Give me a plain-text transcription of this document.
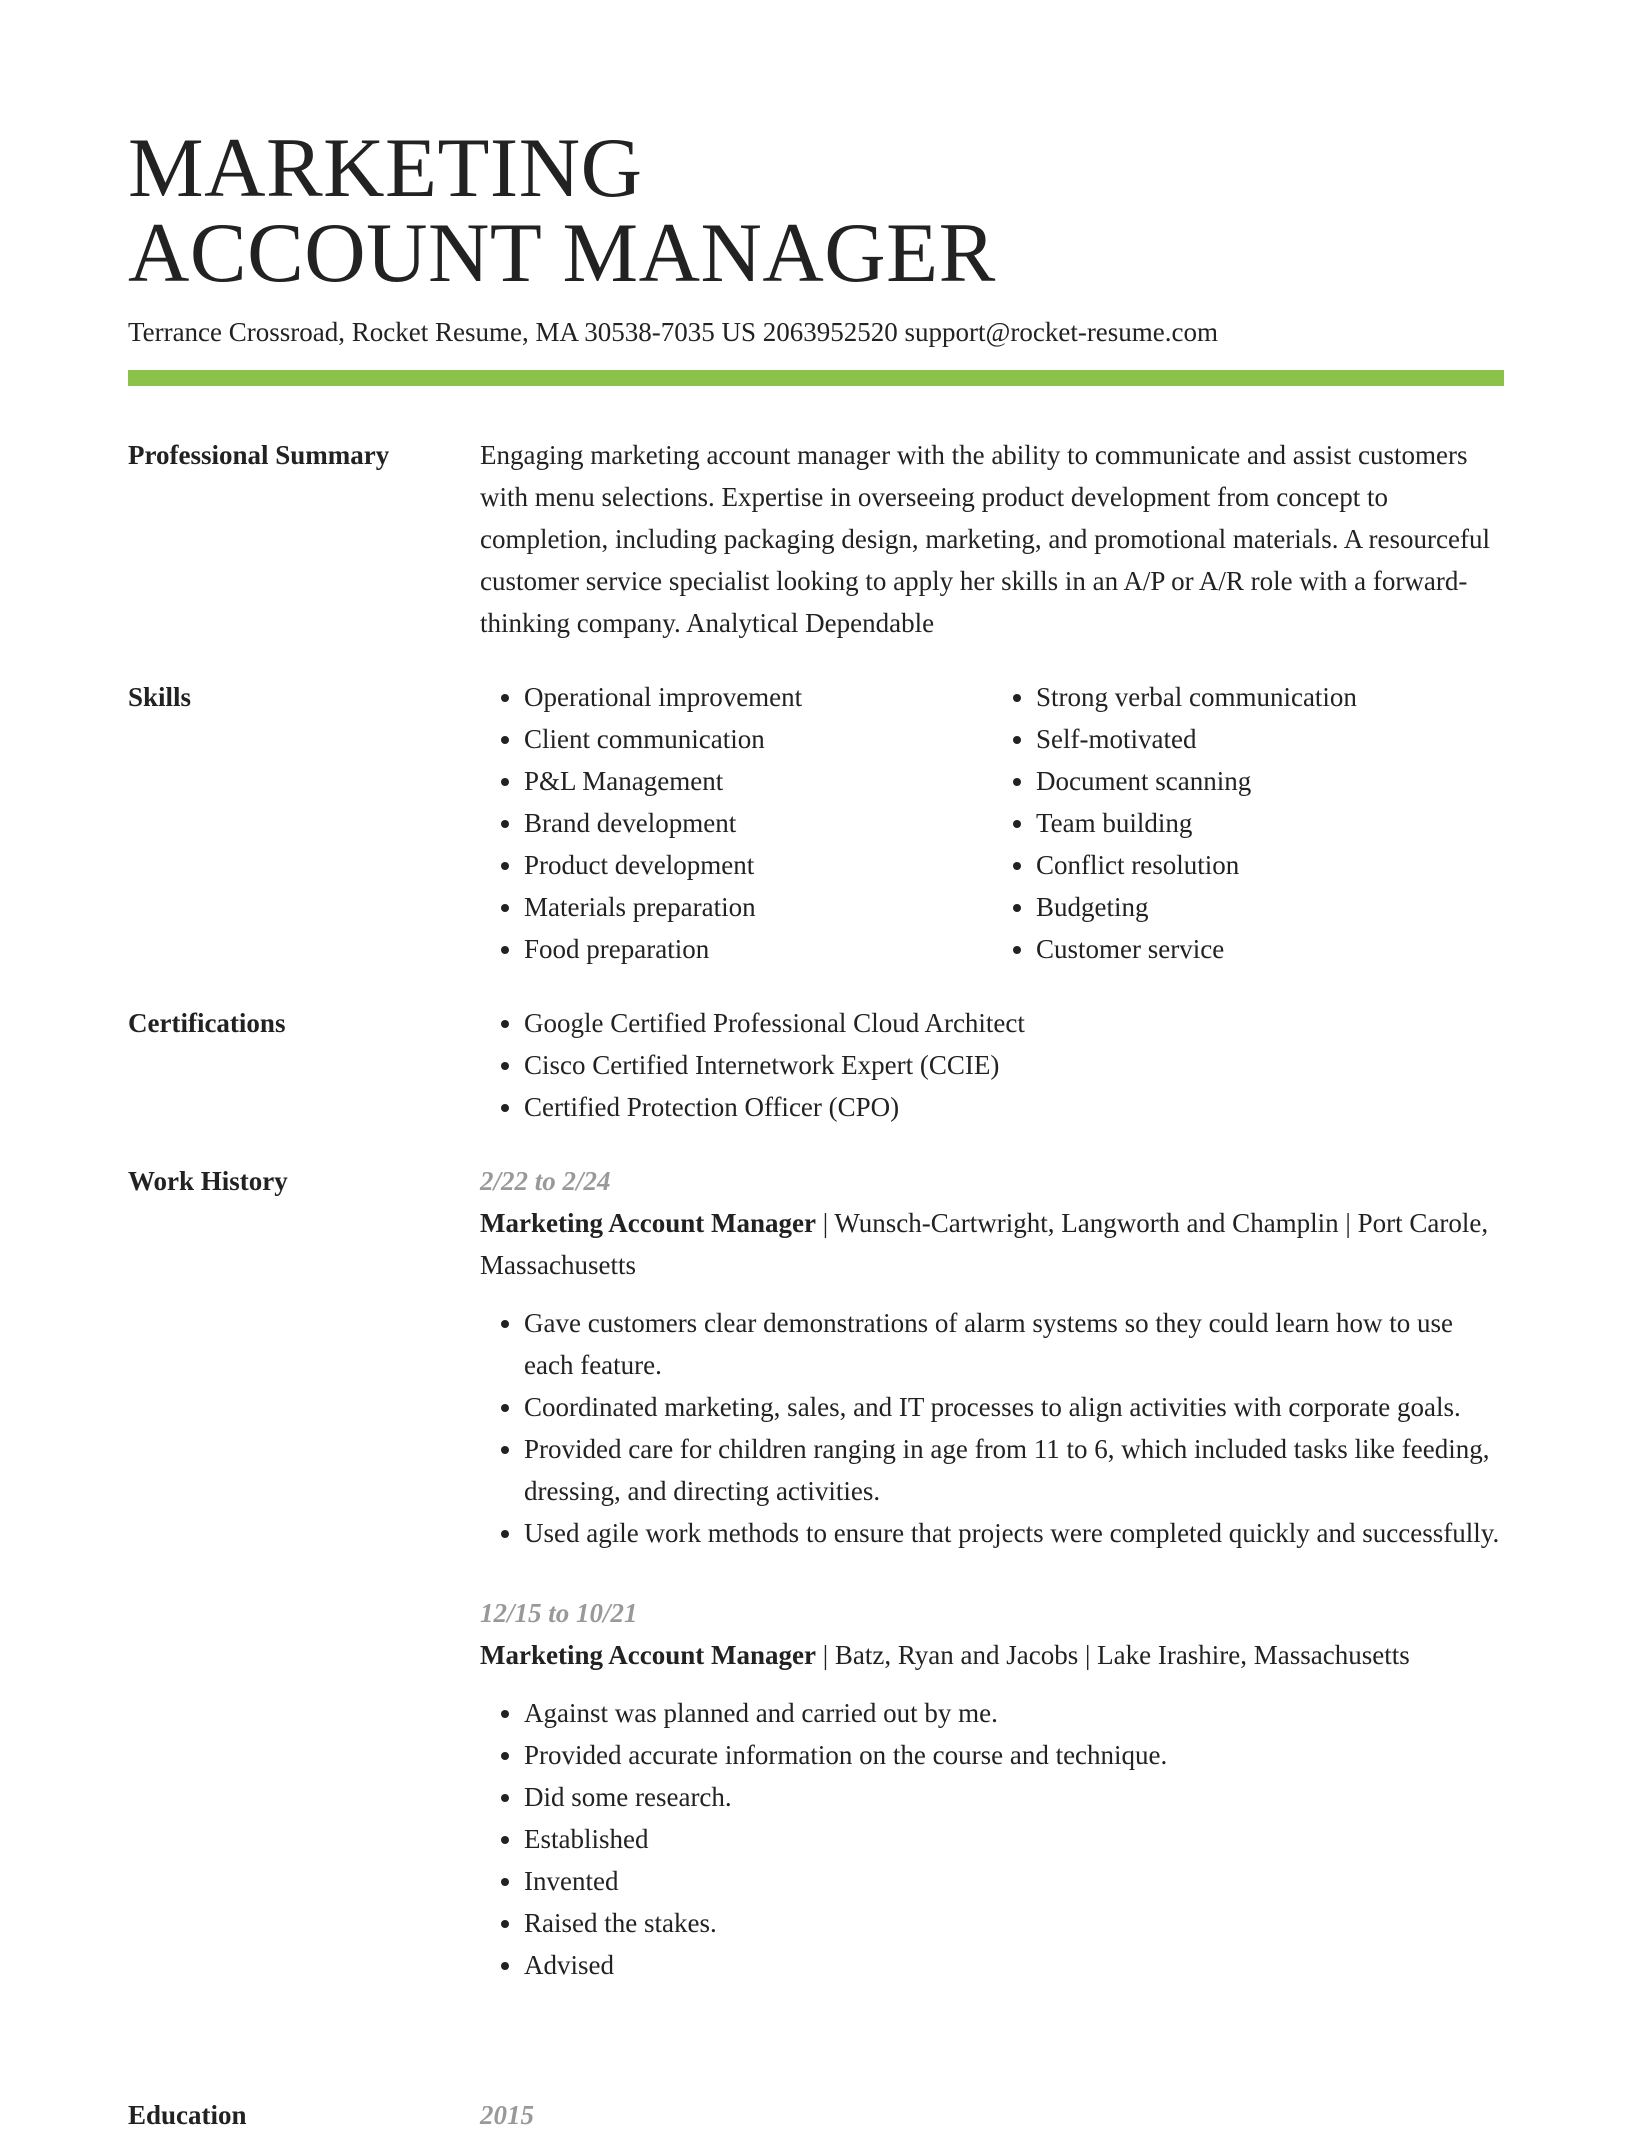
MARKETING
ACCOUNT MANAGER
Terrance Crossroad, Rocket Resume, MA 30538-7035 US 2063952520 support@rocket-resume.com
Professional Summary	Engaging marketing account manager with the ability to communicate and assist customers with menu selections. Expertise in overseeing product development from concept to completion, including packaging design, marketing, and promotional materials. A resourceful customer service specialist looking to apply her skills in an A/P or A/R role with a forward-thinking company. Analytical Dependable

Skills	• Operational improvement
• Client communication
• P&L Management
• Brand development
• Product development
• Materials preparation
• Food preparation
• Strong verbal communication
• Self-motivated
• Document scanning
• Team building
• Conflict resolution
• Budgeting
• Customer service
Certifications	• Google Certified Professional Cloud Architect
• Cisco Certified Internetwork Expert (CCIE)
• Certified Protection Officer (CPO)
Work History	2/22 to 2/24
Marketing Account Manager | Wunsch-Cartwright, Langworth and Champlin | Port Carole, Massachusetts
• Gave customers clear demonstrations of alarm systems so they could learn how to use each feature.
• Coordinated marketing, sales, and IT processes to align activities with corporate goals.
• Provided care for children ranging in age from 11 to 6, which included tasks like feeding, dressing, and directing activities.
• Used agile work methods to ensure that projects were completed quickly and successfully.
12/15 to 10/21
Marketing Account Manager | Batz, Ryan and Jacobs | Lake Irashire, Massachusetts
• Against was planned and carried out by me.
• Provided accurate information on the course and technique.
• Did some research.
• Established
• Invented
• Raised the stakes.
• Advised
Education	2015
